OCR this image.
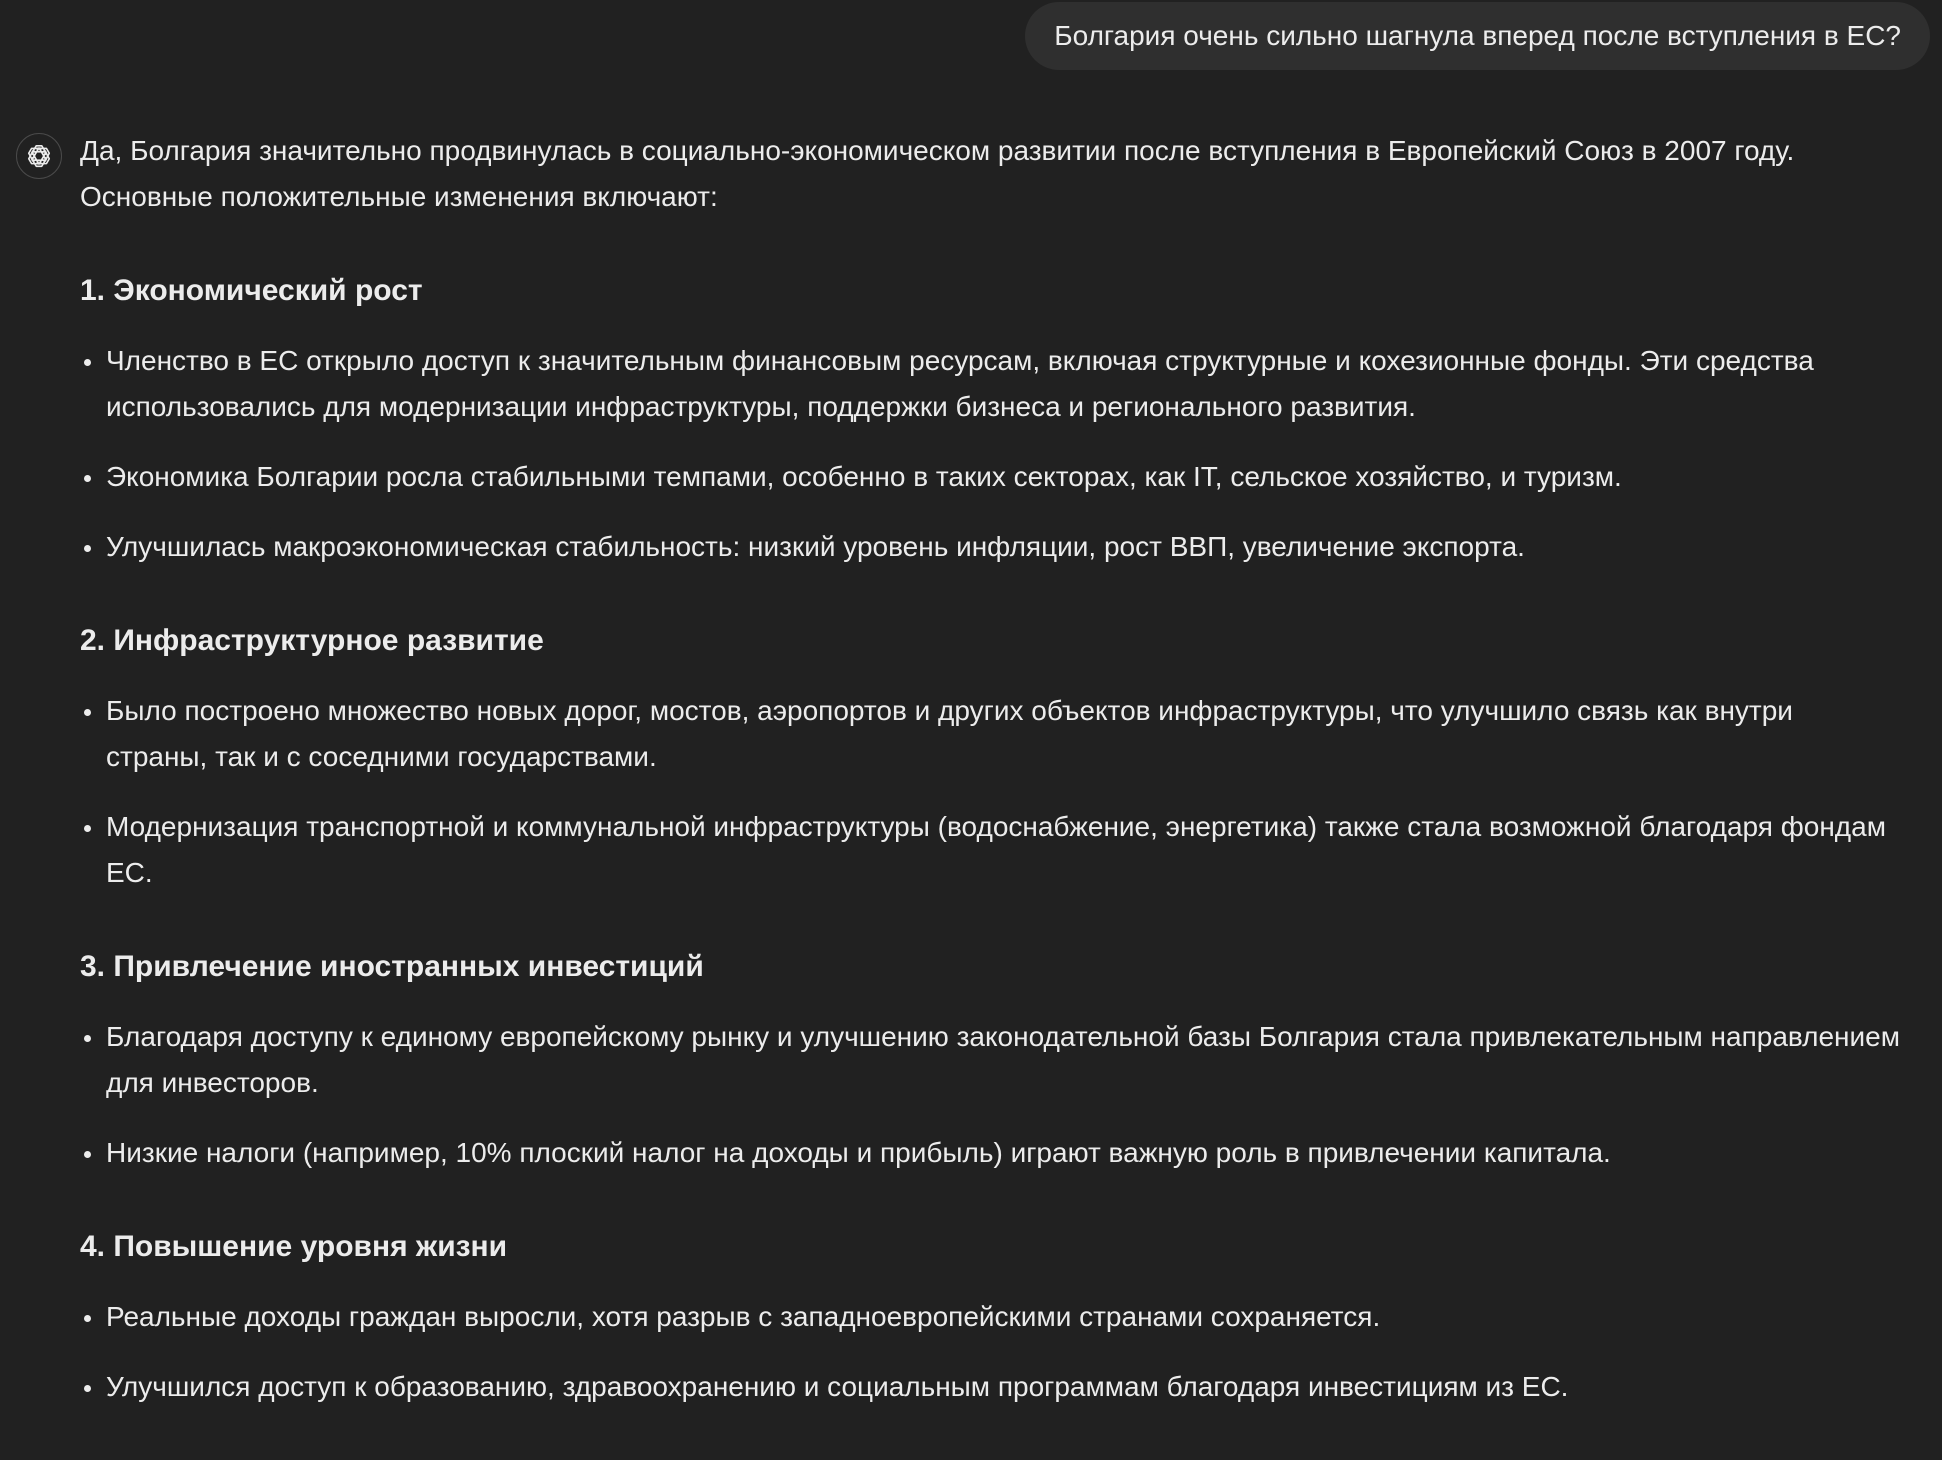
Болгария очень сильно шагнула вперед после вступления в ЕС?

Да, Болгария значительно продвинулась в социально-экономическом развитии после вступления в Европейский Союз в 2007 году. Основные положительные изменения включают:

1. Экономический рост
Членство в ЕС открыло доступ к значительным финансовым ресурсам, включая структурные и кохезионные фонды. Эти средства использовались для модернизации инфраструктуры, поддержки бизнеса и регионального развития.
Экономика Болгарии росла стабильными темпами, особенно в таких секторах, как IT, сельское хозяйство, и туризм.
Улучшилась макроэкономическая стабильность: низкий уровень инфляции, рост ВВП, увеличение экспорта.
2. Инфраструктурное развитие
Было построено множество новых дорог, мостов, аэропортов и других объектов инфраструктуры, что улучшило связь как внутри страны, так и с соседними государствами.
Модернизация транспортной и коммунальной инфраструктуры (водоснабжение, энергетика) также стала возможной благодаря фондам ЕС.
3. Привлечение иностранных инвестиций
Благодаря доступу к единому европейскому рынку и улучшению законодательной базы Болгария стала привлекательным направлением для инвесторов.
Низкие налоги (например, 10% плоский налог на доходы и прибыль) играют важную роль в привлечении капитала.
4. Повышение уровня жизни
Реальные доходы граждан выросли, хотя разрыв с западноевропейскими странами сохраняется.
Улучшился доступ к образованию, здравоохранению и социальным программам благодаря инвестициям из ЕС.
